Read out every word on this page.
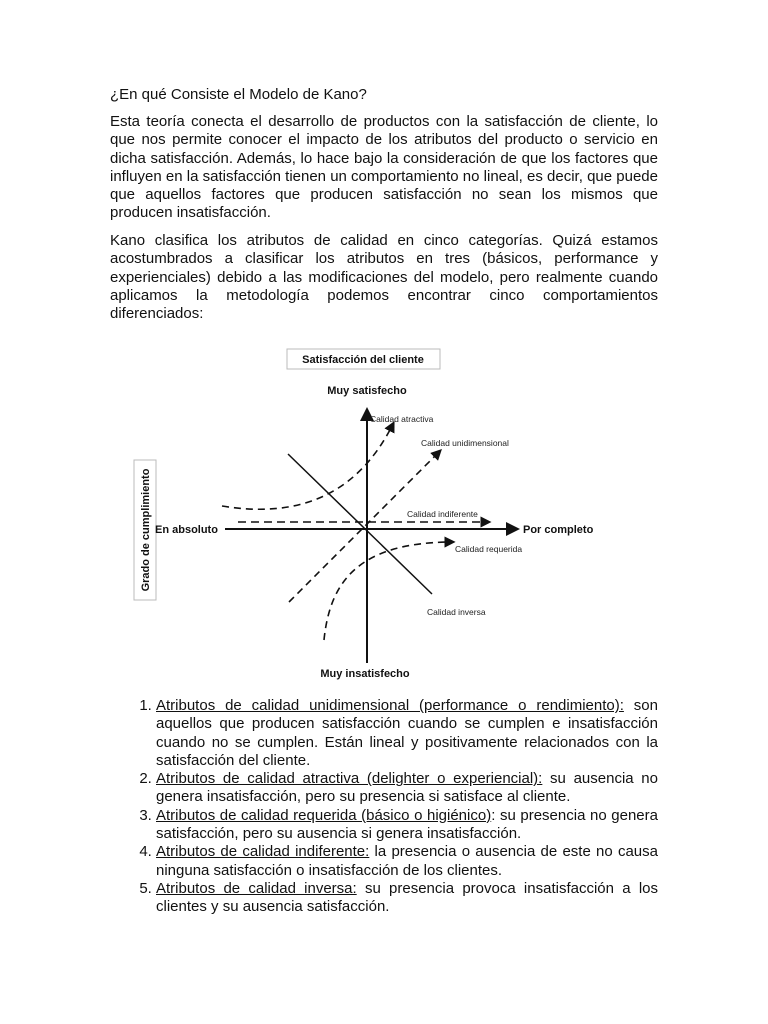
¿En qué Consiste el Modelo de Kano?

Esta teoría conecta el desarrollo de productos con la satisfacción de cliente, lo que nos permite conocer el impacto de los atributos del producto o servicio en dicha satisfacción. Además, lo hace bajo la consideración de que los factores que influyen en la satisfacción tienen un comportamiento no lineal, es decir, que puede que aquellos factores que producen satisfacción no sean los mismos que producen insatisfacción.

Kano clasifica los atributos de calidad en cinco categorías. Quizá estamos acostumbrados a clasificar los atributos en tres (básicos, performance y experienciales) debido a las modificaciones del modelo, pero realmente cuando aplicamos la metodología podemos encontrar cinco comportamientos diferenciados:

Satisfacción del cliente
Grado de cumplimiento
Muy satisfecho
Muy insatisfecho
En absoluto	Por completo
Calidad atractiva
Calidad unidimensional
Calidad indiferente
Calidad requerida
Calidad inversa
1. Atributos de calidad unidimensional (performance o rendimiento): son aquellos que producen satisfacción cuando se cumplen e insatisfacción cuando no se cumplen. Están lineal y positivamente relacionados con la satisfacción del cliente.
2. Atributos de calidad atractiva (delighter o experiencial): su ausencia no genera insatisfacción, pero su presencia si satisface al cliente.
3. Atributos de calidad requerida (básico o higiénico): su presencia no genera satisfacción, pero su ausencia si genera insatisfacción.
4. Atributos de calidad indiferente: la presencia o ausencia de este no causa ninguna satisfacción o insatisfacción de los clientes.
5. Atributos de calidad inversa: su presencia provoca insatisfacción a los clientes y su ausencia satisfacción.
